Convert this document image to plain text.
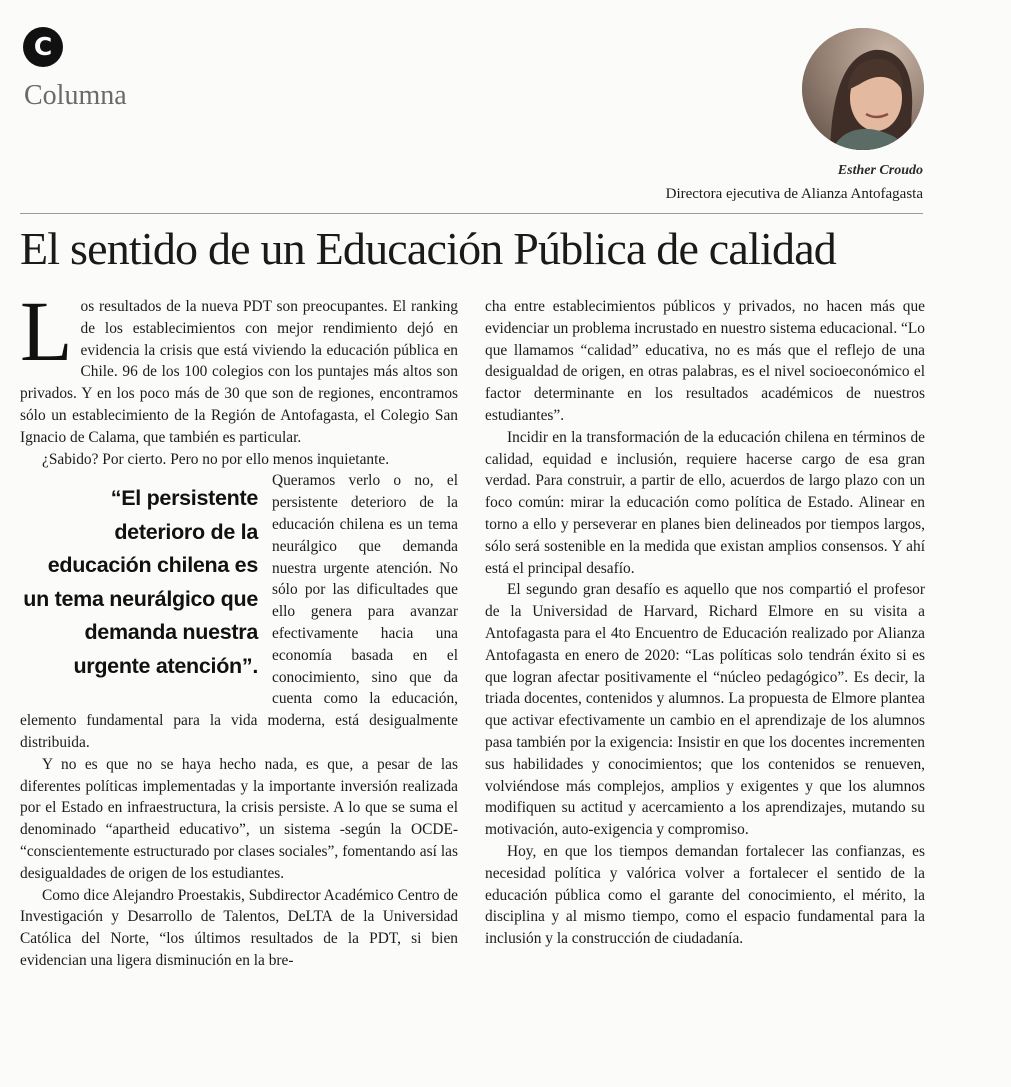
C
Columna
Esther Croudo
Directora ejecutiva de Alianza Antofagasta
El sentido de un Educación Pública de calidad

Los resultados de la nueva PDT son preocupantes. El ranking de los establecimientos con mejor rendimiento dejó en evidencia la crisis que está viviendo la educación pública en Chile. 96 de los 100 colegios con los puntajes más altos son privados. Y en los poco más de 30 que son de regiones, encontramos sólo un establecimiento de la Región de Antofagasta, el Colegio San Ignacio de Calama, que también es particular.

¿Sabido? Por cierto. Pero no por ello menos inquietante.

“El persistente deterioro de la educación chilena es un tema neurálgico que demanda nuestra urgente atención”.
Queramos verlo o no, el persistente deterioro de la educación chilena es un tema neurálgico que demanda nuestra urgente atención. No sólo por las dificultades que ello genera para avanzar efectivamente hacia una economía basada en el conocimiento, sino que da cuenta como la educación, elemento fundamental para la vida moderna, está desigualmente distribuida.

Y no es que no se haya hecho nada, es que, a pesar de las diferentes políticas implementadas y la importante inversión realizada por el Estado en infraestructura, la crisis persiste. A lo que se suma el denominado “apartheid educativo”, un sistema -según la OCDE- “conscientemente estructurado por clases sociales”, fomentando así las desigualdades de origen de los estudiantes.

Como dice Alejandro Proestakis, Subdirector Académico Centro de Investigación y Desarrollo de Talentos, DeLTA de la Universidad Católica del Norte, “los últimos resultados de la PDT, si bien evidencian una ligera disminución en la bre-

cha entre establecimientos públicos y privados, no hacen más que evidenciar un problema incrustado en nuestro sistema educacional. “Lo que llamamos “calidad” educativa, no es más que el reflejo de una desigualdad de origen, en otras palabras, es el nivel socioeconómico el factor determinante en los resultados académicos de nuestros estudiantes”.

Incidir en la transformación de la educación chilena en términos de calidad, equidad e inclusión, requiere hacerse cargo de esa gran verdad. Para construir, a partir de ello, acuerdos de largo plazo con un foco común: mirar la educación como política de Estado. Alinear en torno a ello y perseverar en planes bien delineados por tiempos largos, sólo será sostenible en la medida que existan amplios consensos. Y ahí está el principal desafío.

El segundo gran desafío es aquello que nos compartió el profesor de la Universidad de Harvard, Richard Elmore en su visita a Antofagasta para el 4to Encuentro de Educación realizado por Alianza Antofagasta en enero de 2020: “Las políticas solo tendrán éxito si es que logran afectar positivamente el “núcleo pedagógico”. Es decir, la triada docentes, contenidos y alumnos. La propuesta de Elmore plantea que activar efectivamente un cambio en el aprendizaje de los alumnos pasa también por la exigencia: Insistir en que los docentes incrementen sus habilidades y conocimientos; que los contenidos se renueven, volviéndose más complejos, amplios y exigentes y que los alumnos modifiquen su actitud y acercamiento a los aprendizajes, mutando su motivación, auto-exigencia y compromiso.

Hoy, en que los tiempos demandan fortalecer las confianzas, es necesidad política y valórica volver a fortalecer el sentido de la educación pública como el garante del conocimiento, el mérito, la disciplina y al mismo tiempo, como el espacio fundamental para la inclusión y la construcción de ciudadanía.
